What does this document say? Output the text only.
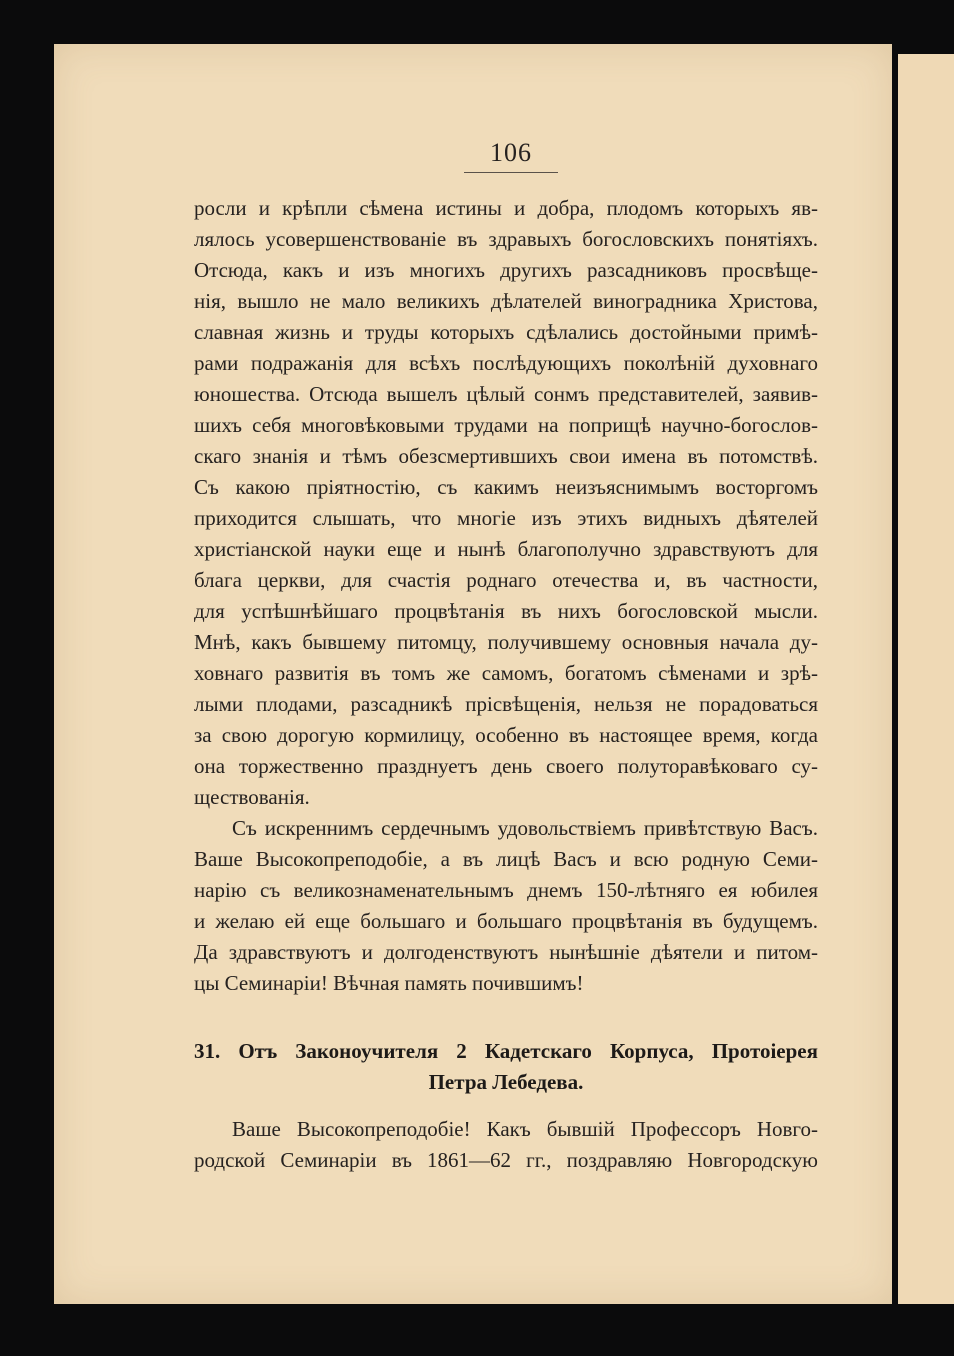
106
росли и крѣпли сѣмена истины и добра, плодомъ которыхъ яв-
лялось усовершенствованіе въ здравыхъ богословскихъ понятіяхъ.
Отсюда, какъ и изъ многихъ другихъ разсадниковъ просвѣще-
нія, вышло не мало великихъ дѣлателей виноградника Христова,
славная жизнь и труды которыхъ сдѣлались достойными примѣ-
рами подражанія для всѣхъ послѣдующихъ поколѣній духовнаго
юношества. Отсюда вышелъ цѣлый сонмъ представителей, заявив-
шихъ себя многовѣковыми трудами на поприщѣ научно-богослов-
скаго знанія и тѣмъ обезсмертившихъ свои имена въ потомствѣ.
Съ какою пріятностію, съ какимъ неизъяснимымъ восторгомъ
приходится слышать, что многіе изъ этихъ видныхъ дѣятелей
христіанской науки еще и нынѣ благополучно здравствуютъ для
блага церкви, для счастія роднаго отечества и, въ частности,
для успѣшнѣйшаго процвѣтанія въ нихъ богословской мысли.
Мнѣ, какъ бывшему питомцу, получившему основныя начала ду-
ховнаго развитія въ томъ же самомъ, богатомъ сѣменами и зрѣ-
лыми плодами, разсадникѣ прісвѣщенія, нельзя не порадоваться
за свою дорогую кормилицу, особенно въ настоящее время, когда
она торжественно празднуетъ день своего полуторавѣковаго су-
ществованія.
Съ искреннимъ сердечнымъ удовольствіемъ привѣтствую Васъ.
Ваше Высокопреподобіе, а въ лицѣ Васъ и всю родную Семи-
нарію съ великознаменательнымъ днемъ 150-лѣтняго ея юбилея
и желаю ей еще большаго и большаго процвѣтанія въ будущемъ.
Да здравствуютъ и долгоденствуютъ нынѣшніе дѣятели и питом-
цы Семинаріи! Вѣчная память почившимъ!
31. Отъ Законоучителя 2 Кадетскаго Корпуса, Протоіерея
Петра Лебедева.
Ваше Высокопреподобіе! Какъ бывшій Профессоръ Новго-
родской Семинаріи въ 1861—62 гг., поздравляю Новгородскую
